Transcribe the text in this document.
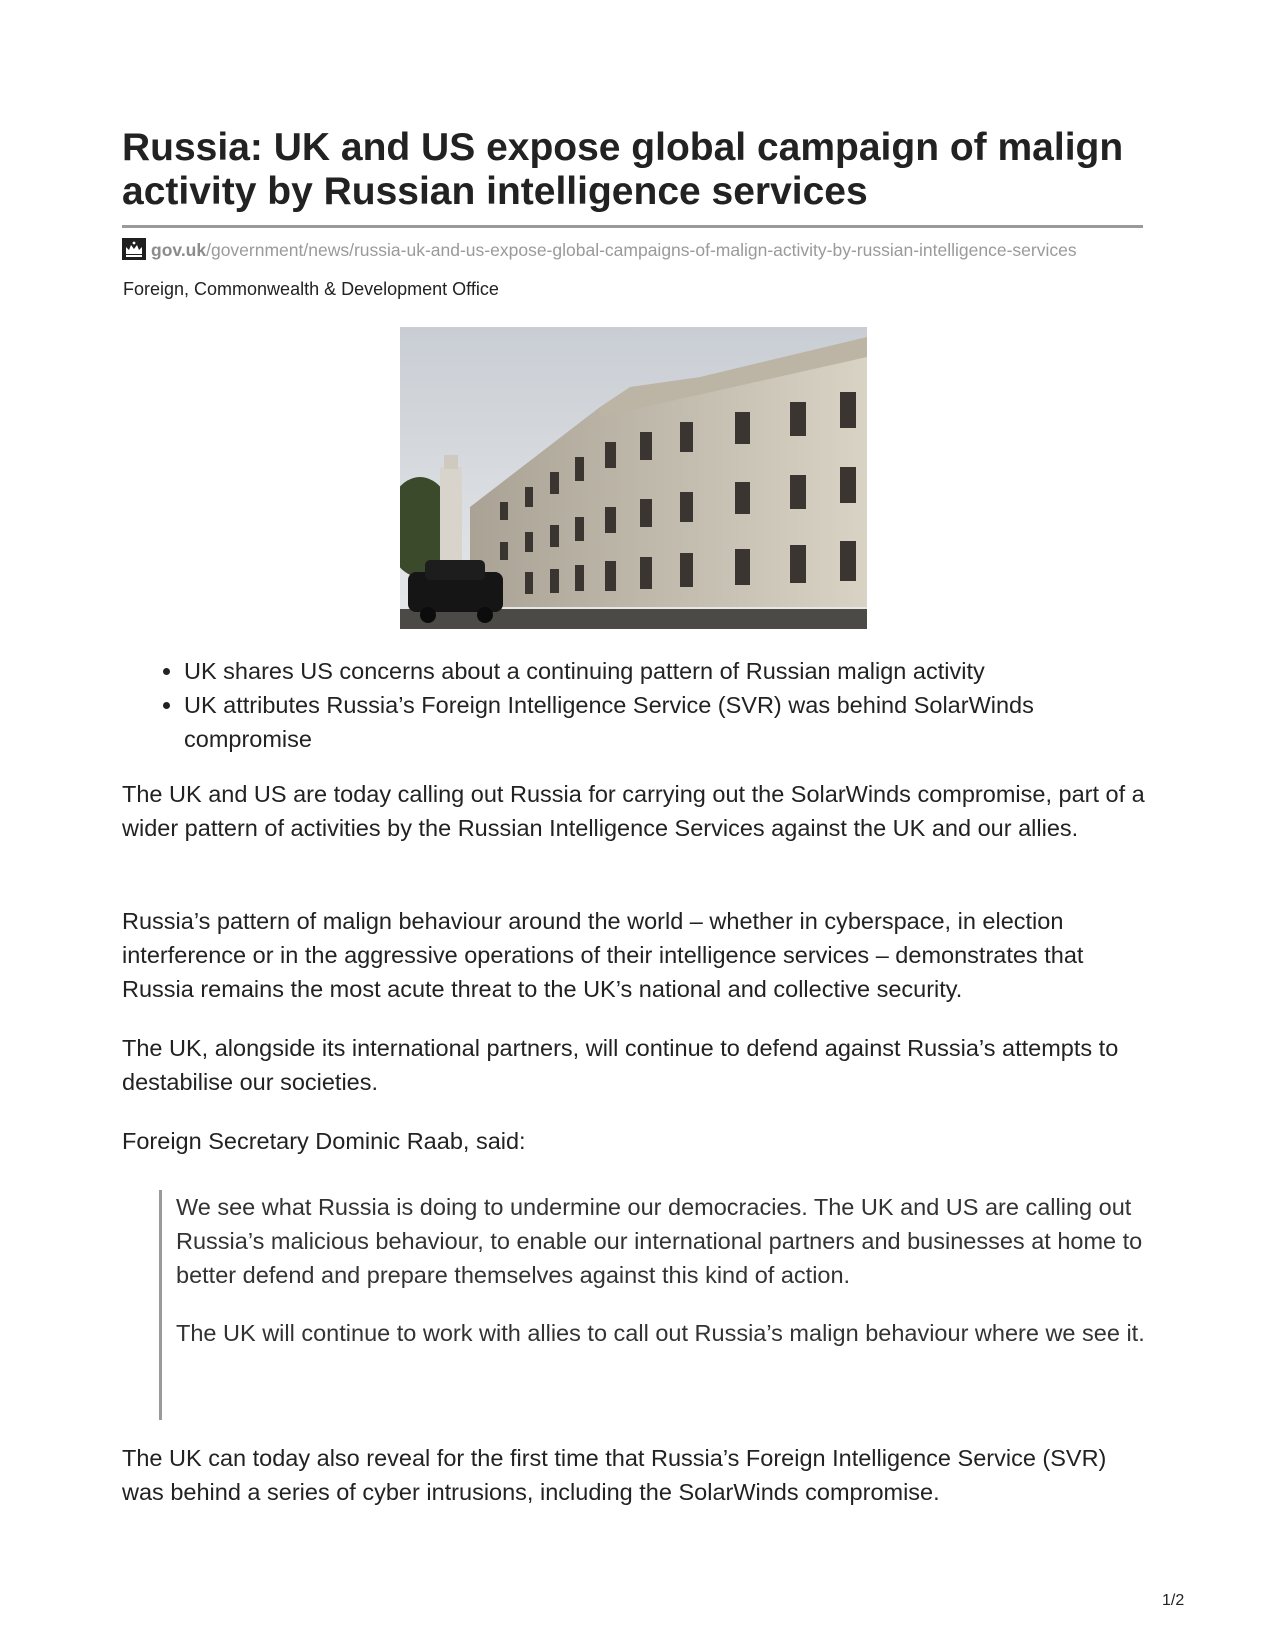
Russia: UK and US expose global campaign of malign activity by Russian intelligence services
gov.uk/government/news/russia-uk-and-us-expose-global-campaigns-of-malign-activity-by-russian-intelligence-services
Foreign, Commonwealth & Development Office
• UK shares US concerns about a continuing pattern of Russian malign activity
• UK attributes Russia’s Foreign Intelligence Service (SVR) was behind SolarWinds compromise

The UK and US are today calling out Russia for carrying out the SolarWinds compromise, part of a wider pattern of activities by the Russian Intelligence Services against the UK and our allies.

Russia’s pattern of malign behaviour around the world – whether in cyberspace, in election interference or in the aggressive operations of their intelligence services – demonstrates that Russia remains the most acute threat to the UK’s national and collective security.

The UK, alongside its international partners, will continue to defend against Russia’s attempts to destabilise our societies.

Foreign Secretary Dominic Raab, said:

We see what Russia is doing to undermine our democracies. The UK and US are calling out Russia’s malicious behaviour, to enable our international partners and businesses at home to better defend and prepare themselves against this kind of action.

The UK will continue to work with allies to call out Russia’s malign behaviour where we see it.

The UK can today also reveal for the first time that Russia’s Foreign Intelligence Service (SVR) was behind a series of cyber intrusions, including the SolarWinds compromise.

1/2
